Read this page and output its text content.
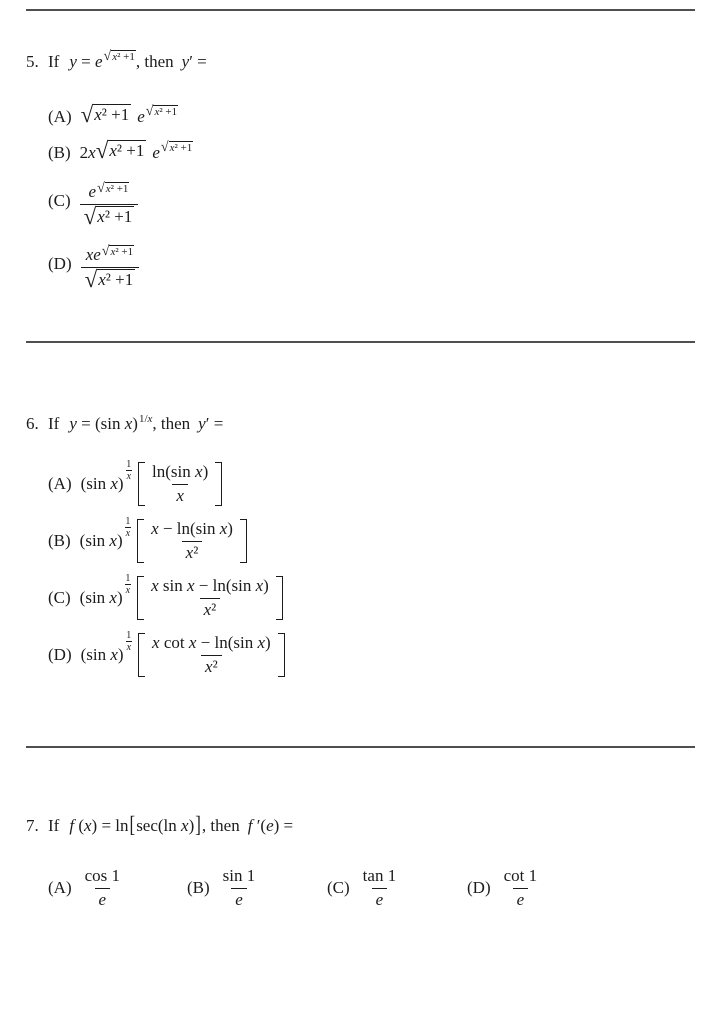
5. If y = e √ x² +1 , then y′ =
(A) √ x² +1 e √ x² +1
(B) 2x √ x² +1 e √ x² +1
$(C) \frac{\text{e √ x² +1}}{\text{√ x² +1}}$
$(D) \frac{\text{xe √ x² +1}}{\text{√ x² +1}}$
6. If y = (sin x) 1/x , then y′ =
(A) (sin x)
$\frac{1}{x} \frac{\text{ln(sin x )}}{x}$
(B) (sin x)
$\frac{1}{x} \frac{\text{x − ln(sin x )}}{\text{x ²}}$
(C) (sin x)
$\frac{1}{x} \frac{\text{x sin x − ln(sin x )}}{\text{x ²}}$
(D) (sin x)
$\frac{1}{x} \frac{\text{x cot x − ln(sin x )}}{\text{x ²}}$
7. If f (x) = ln [ sec(ln x) ] , then f ′(e) =
$(A) \frac{\cos 1}{e}$	$(B) \frac{\sin 1}{e}$	$(C) \frac{\tan 1}{e}$	$(D) \frac{\cot 1}{e}$
